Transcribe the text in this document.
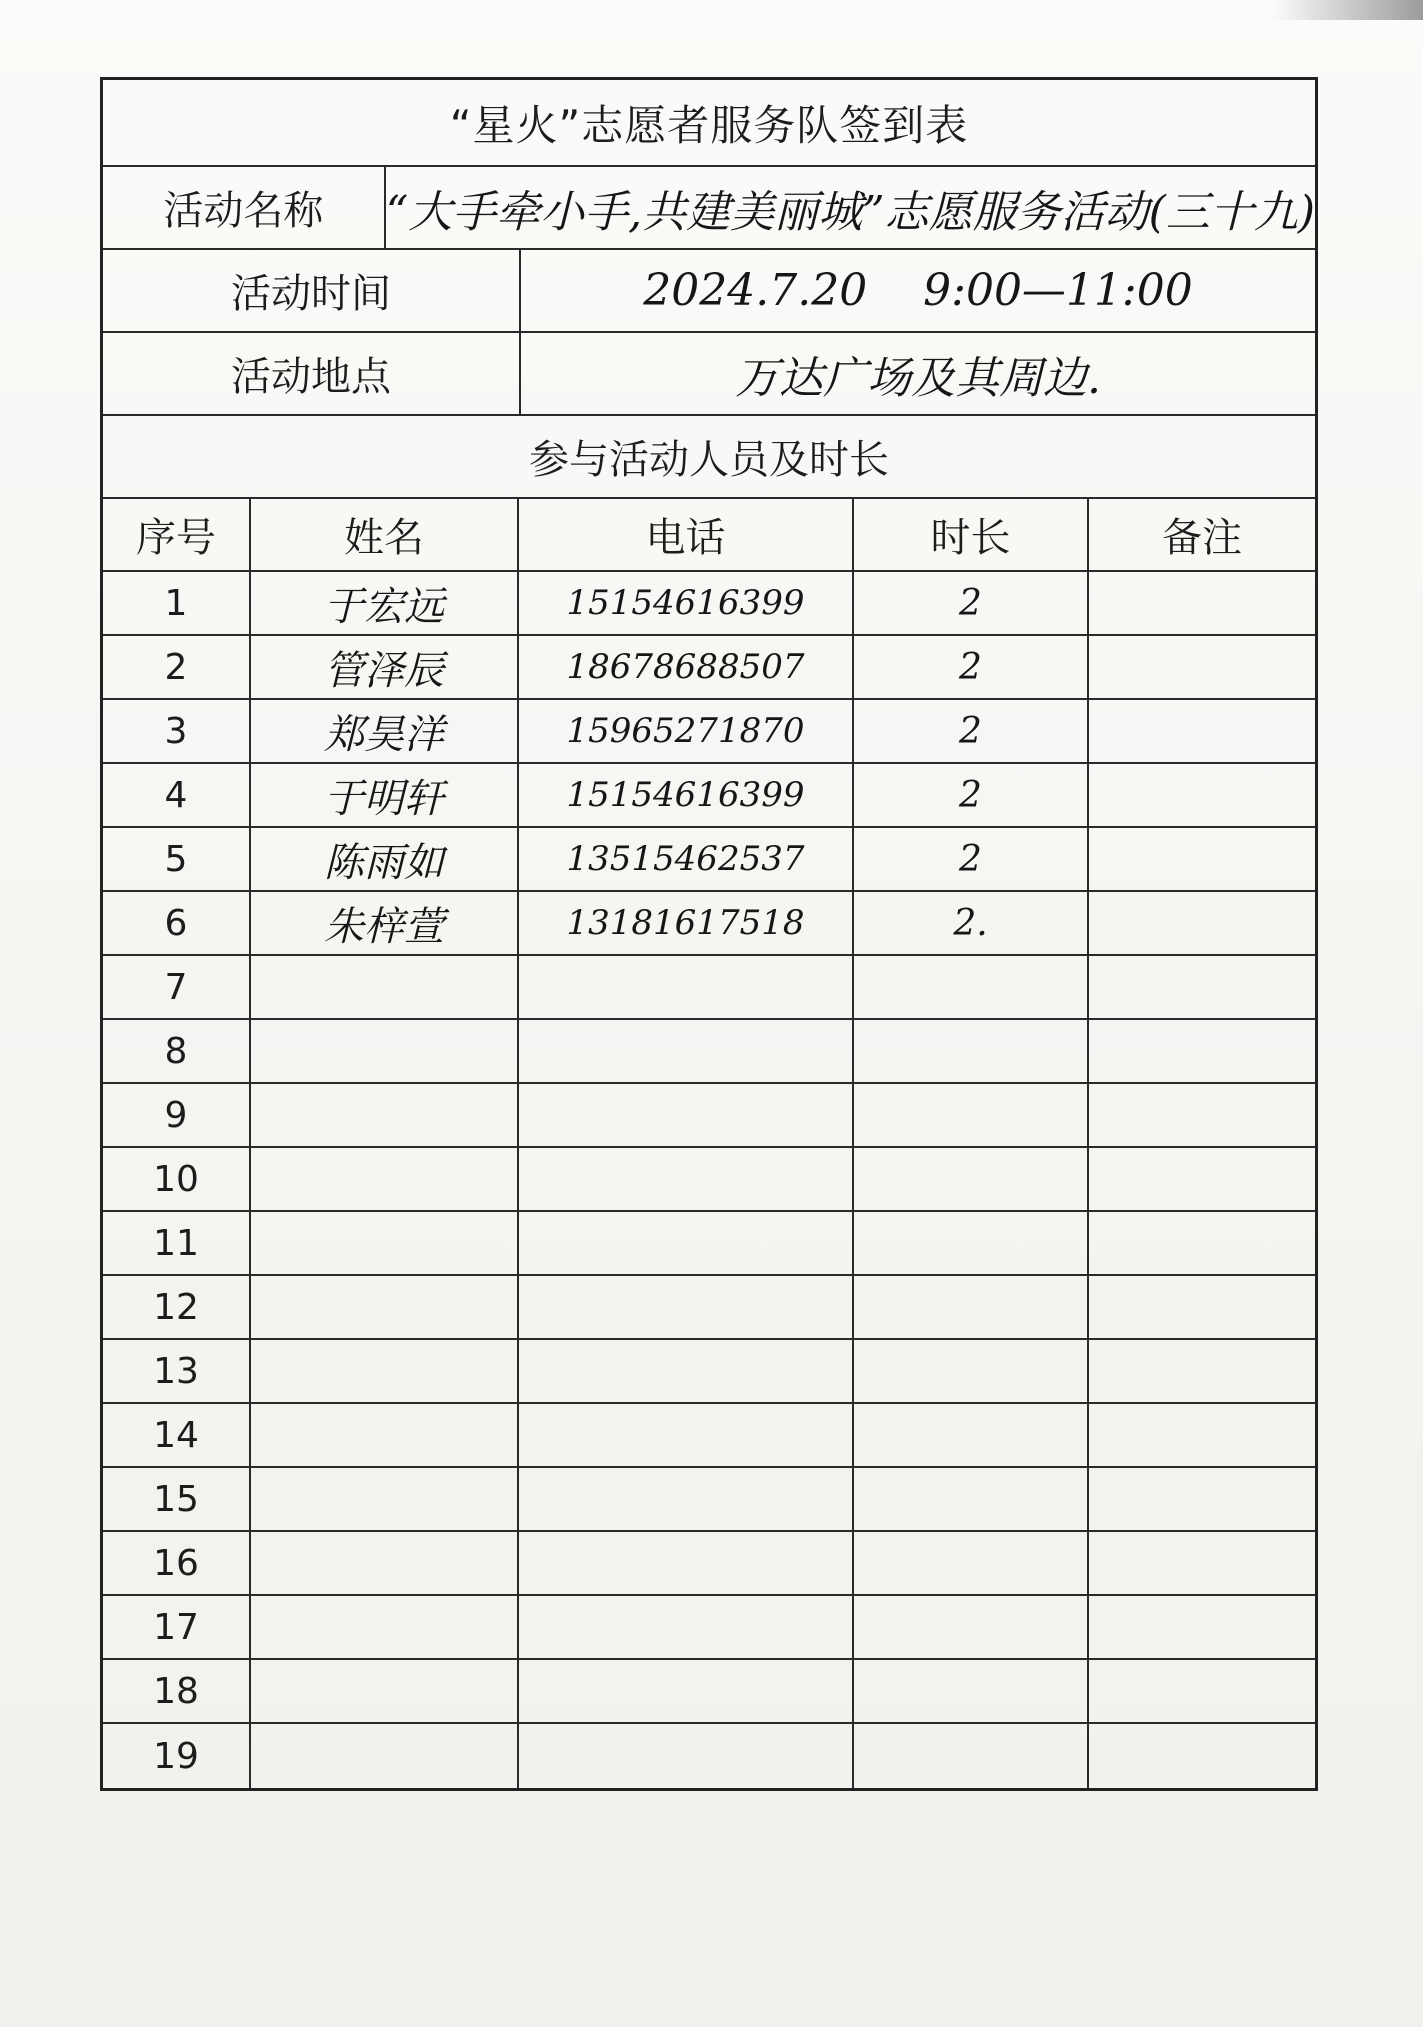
“星火”志愿者服务队签到表
活动名称	“大手牵小手,共建美丽城”志愿服务活动(三十九)
活动时间	2024.7.20    9:00—11:00
活动地点	万达广场及其周边.
参与活动人员及时长
序号	姓名	电话	时长	备注
1	于宏远	15154616399	2
2	管泽辰	18678688507	2
3	郑昊洋	15965271870	2
4	于明轩	15154616399	2
5	陈雨如	13515462537	2
6	朱梓萱	13181617518	2.
7
8
9
10
11
12
13
14
15
16
17
18
19
